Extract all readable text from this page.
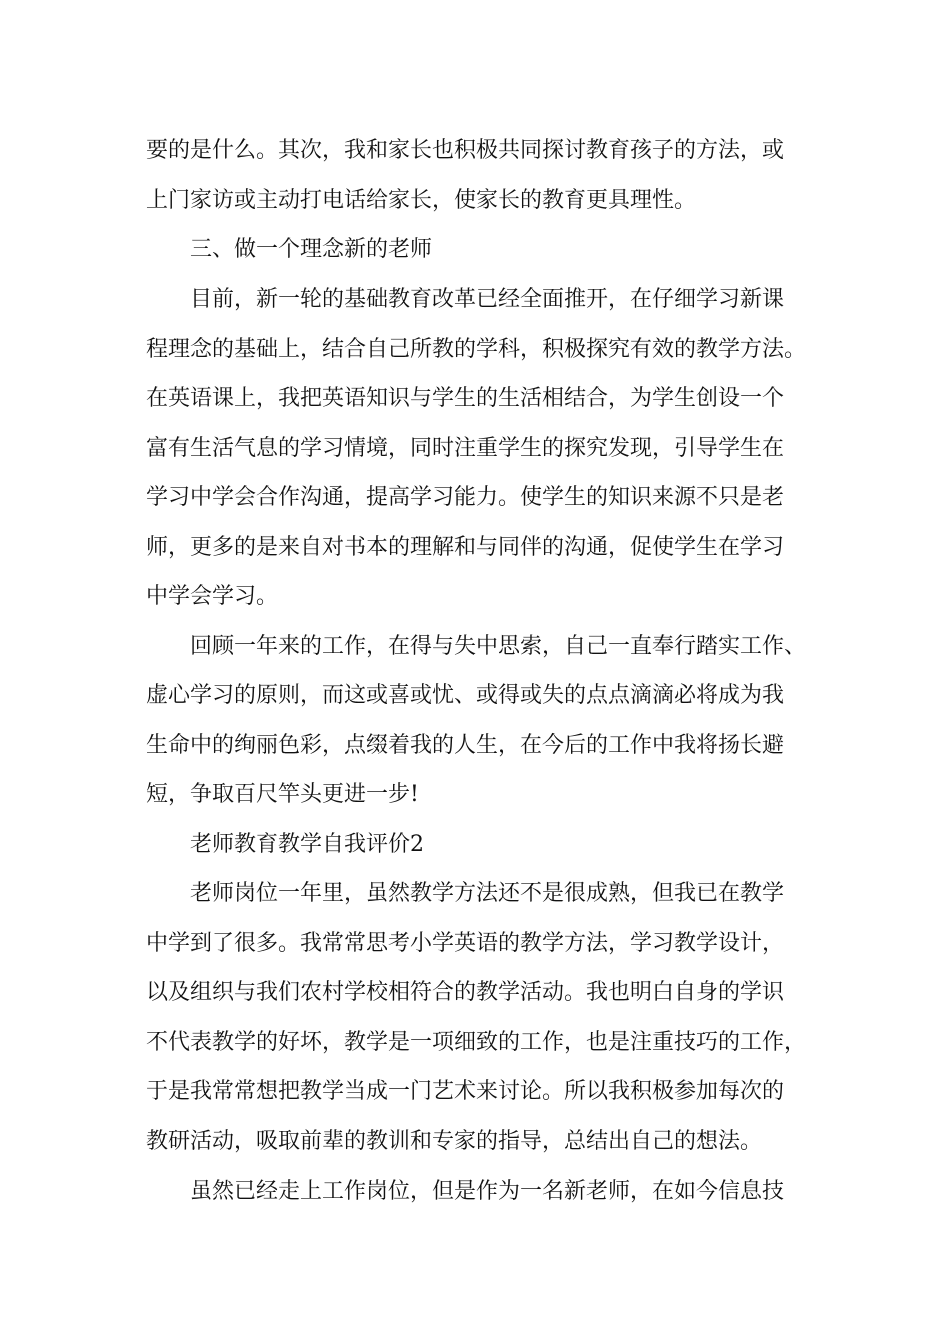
要的是什么。其次，我和家长也积极共同探讨教育孩子的方法，或
上门家访或主动打电话给家长，使家长的教育更具理性。
三、做一个理念新的老师
目前，新一轮的基础教育改革已经全面推开，在仔细学习新课
程理念的基础上，结合自己所教的学科，积极探究有效的教学方法。
在英语课上，我把英语知识与学生的生活相结合，为学生创设一个
富有生活气息的学习情境，同时注重学生的探究发现，引导学生在
学习中学会合作沟通，提高学习能力。使学生的知识来源不只是老
师，更多的是来自对书本的理解和与同伴的沟通，促使学生在学习
中学会学习。
回顾一年来的工作，在得与失中思索，自己一直奉行踏实工作、
虚心学习的原则，而这或喜或忧、或得或失的点点滴滴必将成为我
生命中的绚丽色彩，点缀着我的人生，在今后的工作中我将扬长避
短，争取百尺竿头更进一步!
老师教育教学自我评价2
老师岗位一年里，虽然教学方法还不是很成熟，但我已在教学
中学到了很多。我常常思考小学英语的教学方法，学习教学设计，
以及组织与我们农村学校相符合的教学活动。我也明白自身的学识
不代表教学的好坏，教学是一项细致的工作，也是注重技巧的工作，
于是我常常想把教学当成一门艺术来讨论。所以我积极参加每次的
教研活动，吸取前辈的教训和专家的指导，总结出自己的想法。
虽然已经走上工作岗位，但是作为一名新老师，在如今信息技
